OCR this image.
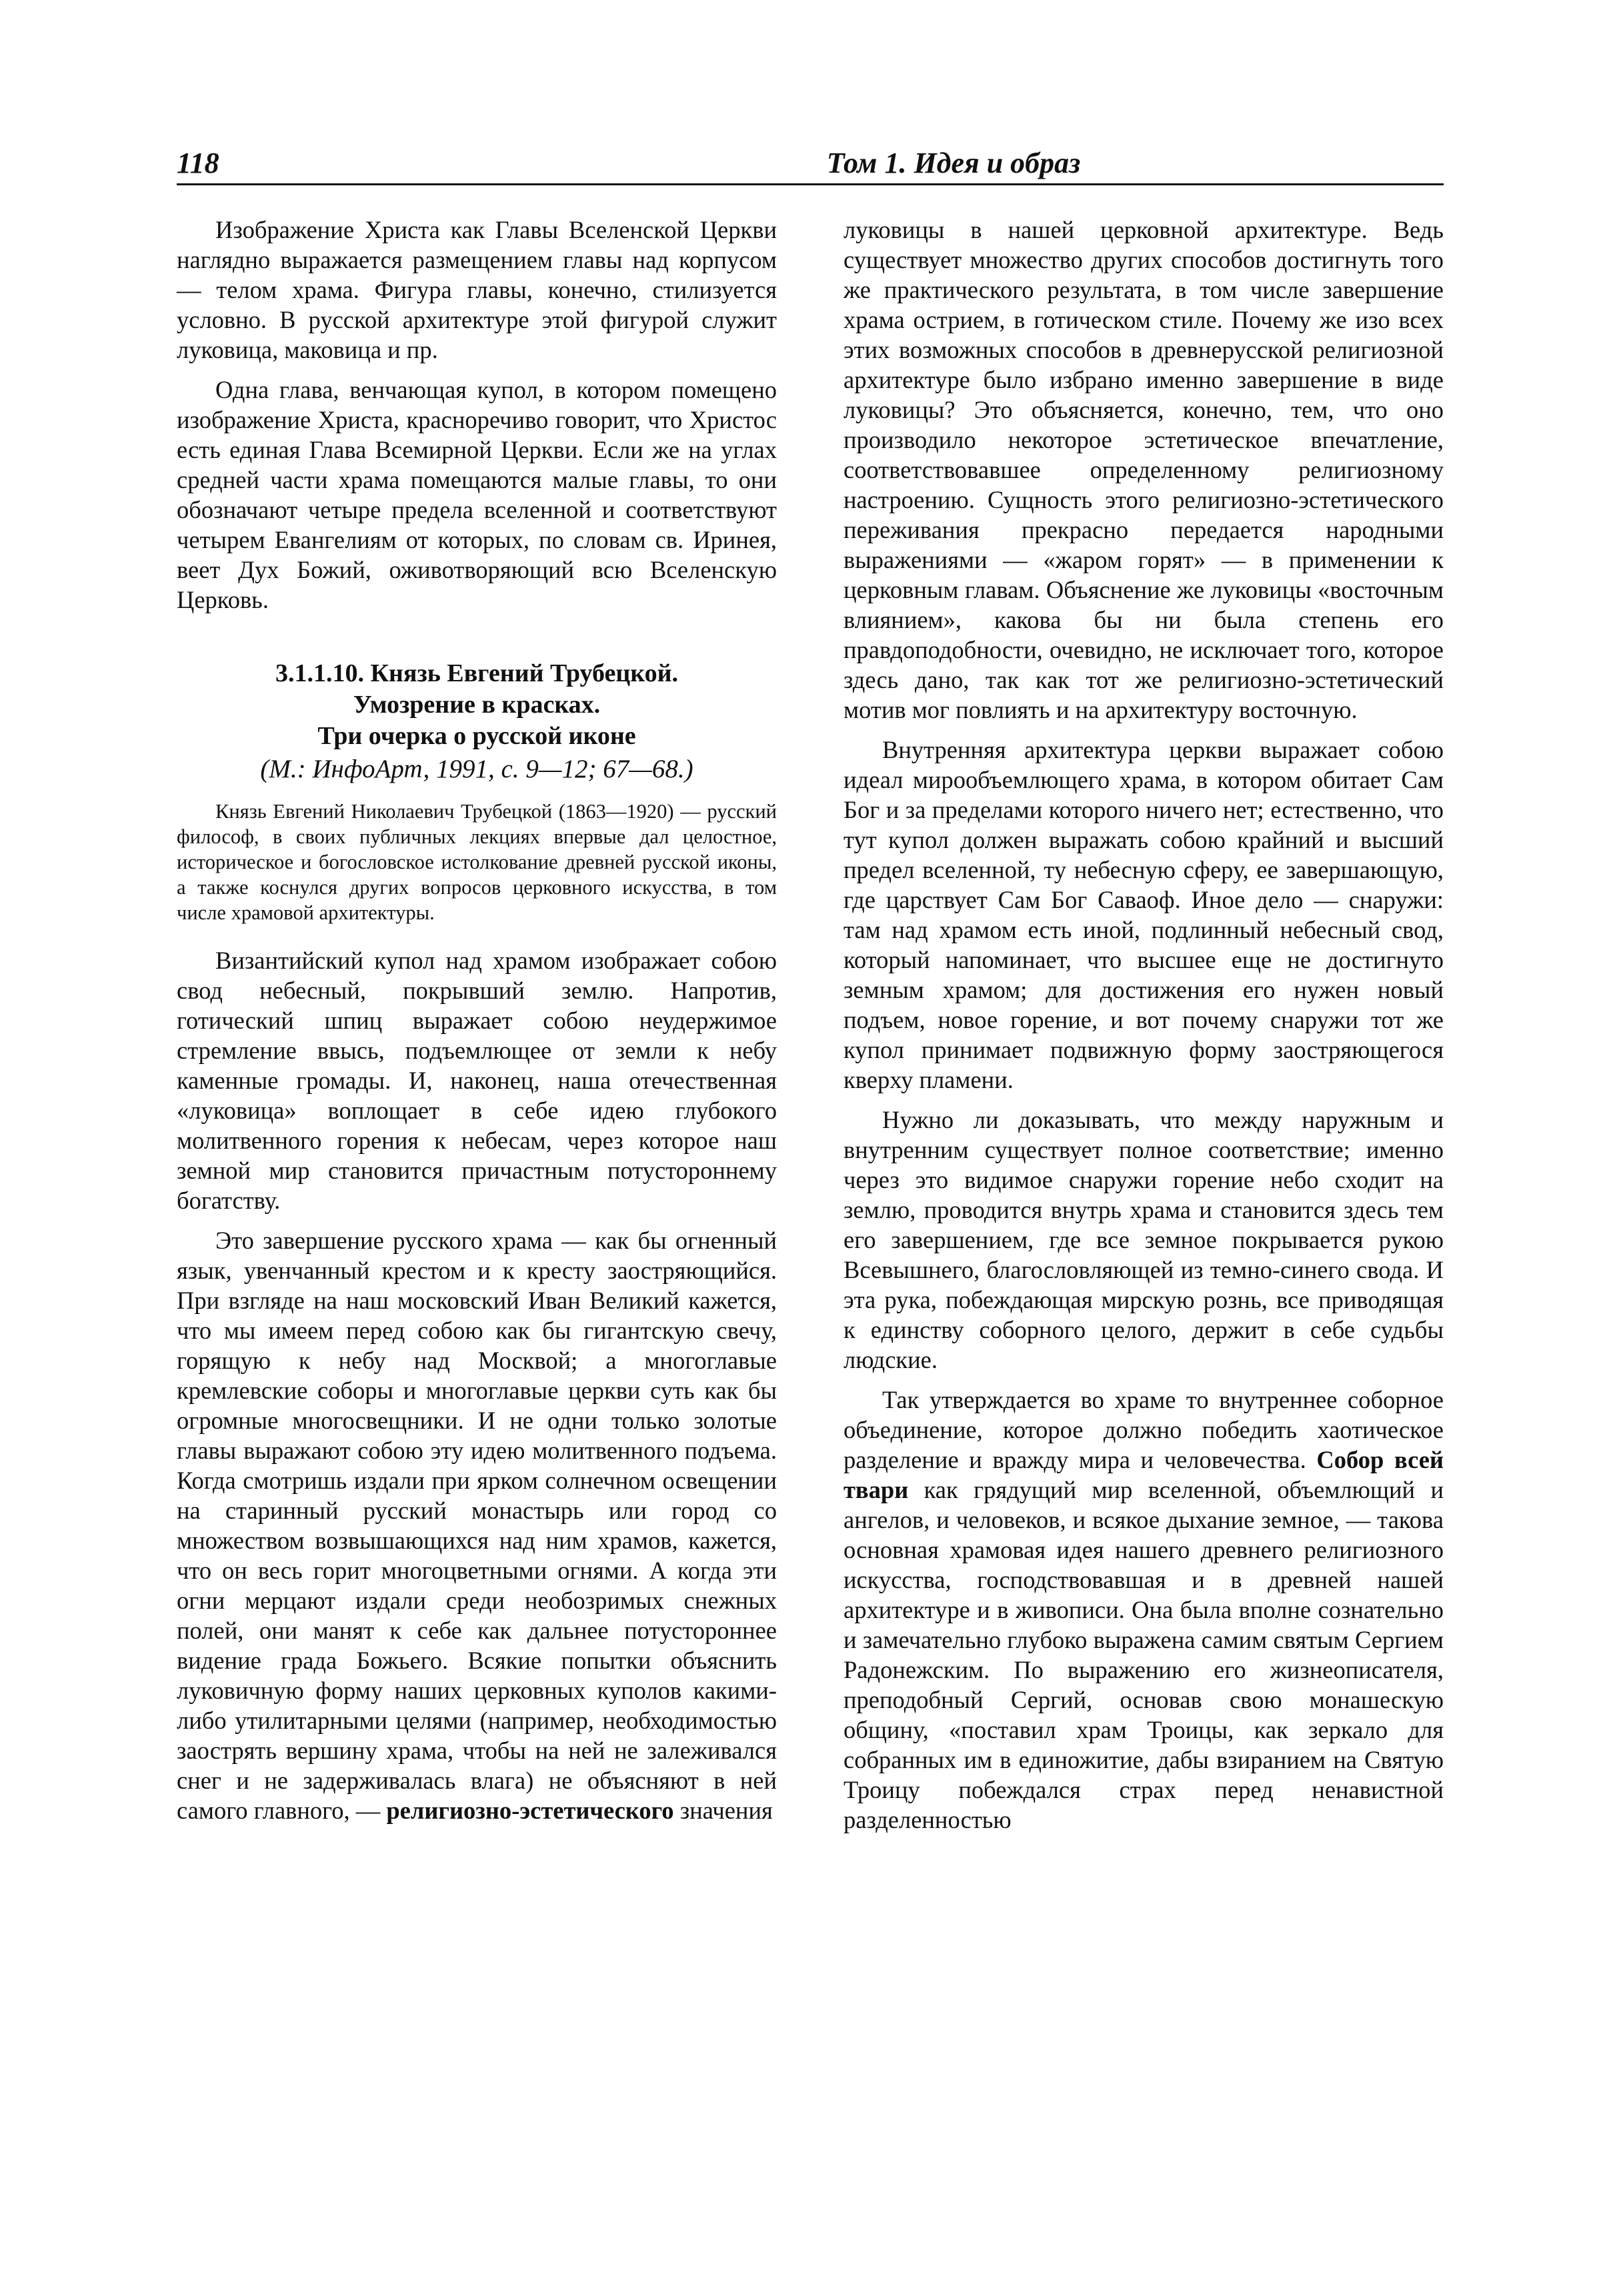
118	Том 1. Идея и образ

Изображение Христа как Главы Вселенской Церкви наглядно выражается размещением главы над корпусом — телом храма. Фигура главы, конечно, стилизуется условно. В русской архитектуре этой фигурой служит луковица, маковица и пр.

Одна глава, венчающая купол, в котором помещено изображение Христа, красноречиво говорит, что Христос есть единая Глава Всемирной Церкви. Если же на углах средней части храма помещаются малые главы, то они обозначают четыре предела вселенной и соответствуют четырем Евангелиям от которых, по словам св. Иринея, веет Дух Божий, оживотворяющий всю Вселенскую Церковь.

3.1.1.10. Князь Евгений Трубецкой.
Умозрение в красках.
Три очерка о русской иконе
(М.: ИнфоАрт, 1991, с. 9—12; 67—68.)
Князь Евгений Николаевич Трубецкой (1863—1920) — русский философ, в своих публичных лекциях впервые дал целостное, историческое и богословское истолкование древней русской иконы, а также коснулся других вопросов церковного искусства, в том числе храмовой архитектуры.

Византийский купол над храмом изображает собою свод небесный, покрывший землю. Напротив, готический шпиц выражает собою неудержимое стремление ввысь, подъемлющее от земли к небу каменные громады. И, наконец, наша отечественная «луковица» воплощает в себе идею глубокого молитвенного горения к небесам, через которое наш земной мир становится причастным потустороннему богатству.

Это завершение русского храма — как бы огненный язык, увенчанный крестом и к кресту заостряющийся. При взгляде на наш московский Иван Великий кажется, что мы имеем перед собою как бы гигантскую свечу, горящую к небу над Москвой; а многоглавые кремлевские соборы и многоглавые церкви суть как бы огромные многосвещники. И не одни только золотые главы выражают собою эту идею молитвенного подъема. Когда смотришь издали при ярком солнечном освещении на старинный русский монастырь или город со множеством возвышающихся над ним храмов, кажется, что он весь горит многоцветными огнями. А когда эти огни мерцают издали среди необозримых снежных полей, они манят к себе как дальнее потустороннее видение града Божьего. Всякие попытки объяснить луковичную форму наших церковных куполов какими-либо утилитарными целями (например, необходимостью заострять вершину храма, чтобы на ней не залеживался снег и не задерживалась влага) не объясняют в ней самого главного, — религиозно-эстетического значения

луковицы в нашей церковной архитектуре. Ведь существует множество других способов достигнуть того же практического результата, в том числе завершение храма острием, в готическом стиле. Почему же изо всех этих возможных способов в древнерусской религиозной архитектуре было избрано именно завершение в виде луковицы? Это объясняется, конечно, тем, что оно производило некоторое эстетическое впечатление, соответствовавшее определенному религиозному настроению. Сущность этого религиозно-эстетического переживания прекрасно передается народными выражениями — «жаром горят» — в применении к церковным главам. Объяснение же луковицы «восточным влиянием», какова бы ни была степень его правдоподобности, очевидно, не исключает того, которое здесь дано, так как тот же религиозно-эстетический мотив мог повлиять и на архитектуру восточную.

Внутренняя архитектура церкви выражает собою идеал мирообъемлющего храма, в котором обитает Сам Бог и за пределами которого ничего нет; естественно, что тут купол должен выражать собою крайний и высший предел вселенной, ту небесную сферу, ее завершающую, где царствует Сам Бог Саваоф. Иное дело — снаружи: там над храмом есть иной, подлинный небесный свод, который напоминает, что высшее еще не достигнуто земным храмом; для достижения его нужен новый подъем, новое горение, и вот почему снаружи тот же купол принимает подвижную форму заостряющегося кверху пламени.

Нужно ли доказывать, что между наружным и внутренним существует полное соответствие; именно через это видимое снаружи горение небо сходит на землю, проводится внутрь храма и становится здесь тем его завершением, где все земное покрывается рукою Всевышнего, благословляющей из темно-синего свода. И эта рука, побеждающая мирскую рознь, все приводящая к единству соборного целого, держит в себе судьбы людские.

Так утверждается во храме то внутреннее соборное объединение, которое должно победить хаотическое разделение и вражду мира и человечества. Собор всей твари как грядущий мир вселенной, объемлющий и ангелов, и человеков, и всякое дыхание земное, — такова основная храмовая идея нашего древнего религиозного искусства, господствовавшая и в древней нашей архитектуре и в живописи. Она была вполне сознательно и замечательно глубоко выражена самим святым Сергием Радонежским. По выражению его жизнеописателя, преподобный Сергий, основав свою монашескую общину, «поставил храм Троицы, как зеркало для собранных им в единожитие, дабы взиранием на Святую Троицу побеждался страх перед ненавистной разделенностью
